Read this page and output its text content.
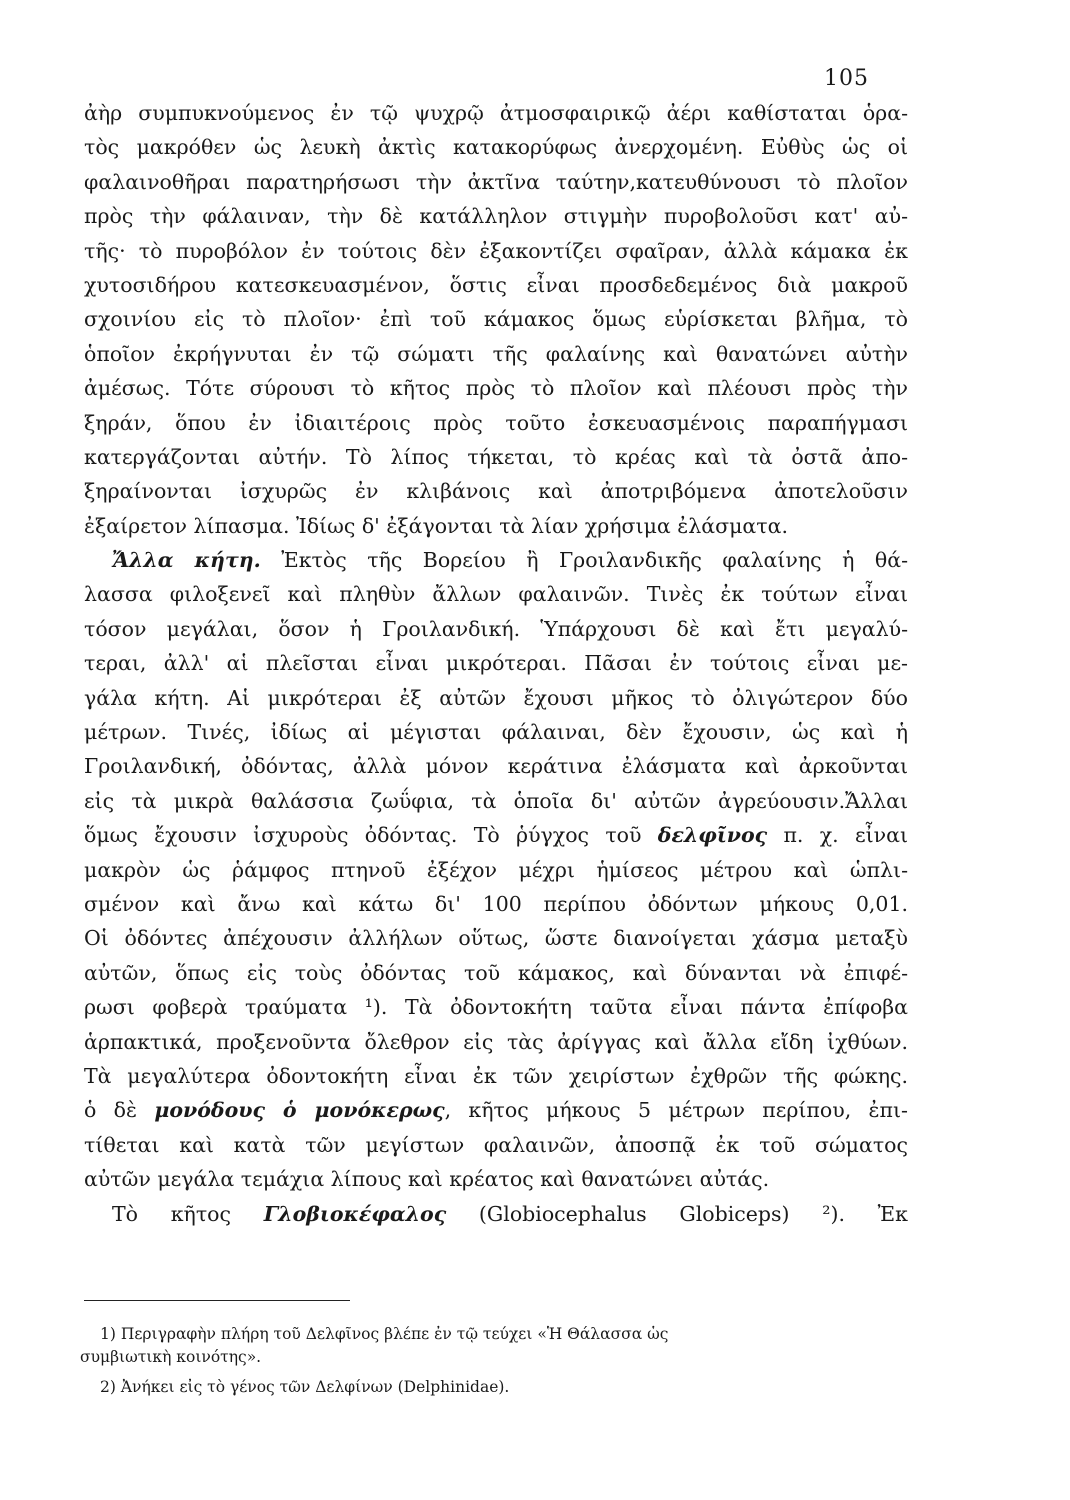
105
ἀὴρ συμπυκνούμενος ἐν τῷ ψυχρῷ ἀτμοσφαιρικῷ ἀέρι καθίσταται ὁρα-
τὸς μακρόθεν ὡς λευκὴ ἀκτὶς κατακορύφως ἀνερχομένη. Εὐθὺς ὡς οἱ
φαλαινοθῆραι παρατηρήσωσι τὴν ἀκτῖνα ταύτην,κατευθύνουσι τὸ πλοῖον
πρὸς τὴν φάλαιναν, τὴν δὲ κατάλληλον στιγμὴν πυροβολοῦσι κατ' αὐ-
τῆς· τὸ πυροβόλον ἐν τούτοις δὲν ἐξακοντίζει σφαῖραν, ἀλλὰ κάμακα ἐκ
χυτοσιδήρου κατεσκευασμένον, ὅστις εἶναι προσδεδεμένος διὰ μακροῦ
σχοινίου εἰς τὸ πλοῖον· ἐπὶ τοῦ κάμακος ὅμως εὑρίσκεται βλῆμα, τὸ
ὁποῖον ἐκρήγνυται ἐν τῷ σώματι τῆς φαλαίνης καὶ θανατώνει αὐτὴν
ἀμέσως. Τότε σύρουσι τὸ κῆτος πρὸς τὸ πλοῖον καὶ πλέουσι πρὸς τὴν
ξηράν, ὅπου ἐν ἰδιαιτέροις πρὸς τοῦτο ἐσκευασμένοις παραπήγμασι
κατεργάζονται αὐτήν. Τὸ λίπος τήκεται, τὸ κρέας καὶ τὰ ὀστᾶ ἀπο-
ξηραίνονται ἰσχυρῶς ἐν κλιβάνοις καὶ ἀποτριβόμενα ἀποτελοῦσιν
ἐξαίρετον λίπασμα. Ἰδίως δ' ἐξάγονται τὰ λίαν χρήσιμα ἐλάσματα.
Ἄλλα κήτη. Ἐκτὸς τῆς Βορείου ἢ Γροιλανδικῆς φαλαίνης ἡ θά-
λασσα φιλοξενεῖ καὶ πληθὺν ἄλλων φαλαινῶν. Τινὲς ἐκ τούτων εἶναι
τόσον μεγάλαι, ὅσον ἡ Γροιλανδική. Ὑπάρχουσι δὲ καὶ ἔτι μεγαλύ-
τεραι, ἀλλ' αἱ πλεῖσται εἶναι μικρότεραι. Πᾶσαι ἐν τούτοις εἶναι με-
γάλα κήτη. Αἱ μικρότεραι ἐξ αὐτῶν ἔχουσι μῆκος τὸ ὀλιγώτερον δύο
μέτρων. Τινές, ἰδίως αἱ μέγισται φάλαιναι, δὲν ἔχουσιν, ὡς καὶ ἡ
Γροιλανδική, ὀδόντας, ἀλλὰ μόνον κεράτινα ἐλάσματα καὶ ἀρκοῦνται
εἰς τὰ μικρὰ θαλάσσια ζωΰφια, τὰ ὁποῖα δι' αὐτῶν ἀγρεύουσιν.Ἄλλαι
ὅμως ἔχουσιν ἰσχυροὺς ὀδόντας. Τὸ ῥύγχος τοῦ δελφῖνος π. χ. εἶναι
μακρὸν ὡς ῥάμφος πτηνοῦ ἐξέχον μέχρι ἡμίσεος μέτρου καὶ ὡπλι-
σμένον καὶ ἄνω καὶ κάτω δι' 100 περίπου ὀδόντων μήκους 0,01.
Οἱ ὀδόντες ἀπέχουσιν ἀλλήλων οὕτως, ὥστε διανοίγεται χάσμα μεταξὺ
αὐτῶν, ὅπως εἰς τοὺς ὀδόντας τοῦ κάμακος, καὶ δύνανται νὰ ἐπιφέ-
ρωσι φοβερὰ τραύματα ¹). Τὰ ὀδοντοκήτη ταῦτα εἶναι πάντα ἐπίφοβα
ἁρπακτικά, προξενοῦντα ὄλεθρον εἰς τὰς ἀρίγγας καὶ ἄλλα εἴδη ἰχθύων.
Τὰ μεγαλύτερα ὀδοντοκήτη εἶναι ἐκ τῶν χειρίστων ἐχθρῶν τῆς φώκης.
ὁ δὲ μονόδους ὁ μονόκερως, κῆτος μήκους 5 μέτρων περίπου, ἐπι-
τίθεται καὶ κατὰ τῶν μεγίστων φαλαινῶν, ἀποσπᾷ ἐκ τοῦ σώματος
αὐτῶν μεγάλα τεμάχια λίπους καὶ κρέατος καὶ θανατώνει αὐτάς.
Τὸ κῆτος Γλοβιοκέφαλος (Globiocephalus Globiceps) ²). Ἐκ
1) Περιγραφὴν πλήρη τοῦ Δελφῖνος βλέπε ἐν τῷ τεύχει «Ἡ Θάλασσα ὡς
συμβιωτικὴ κοινότης».
2) Ἀνήκει εἰς τὸ γένος τῶν Δελφίνων (Delphinidae).
